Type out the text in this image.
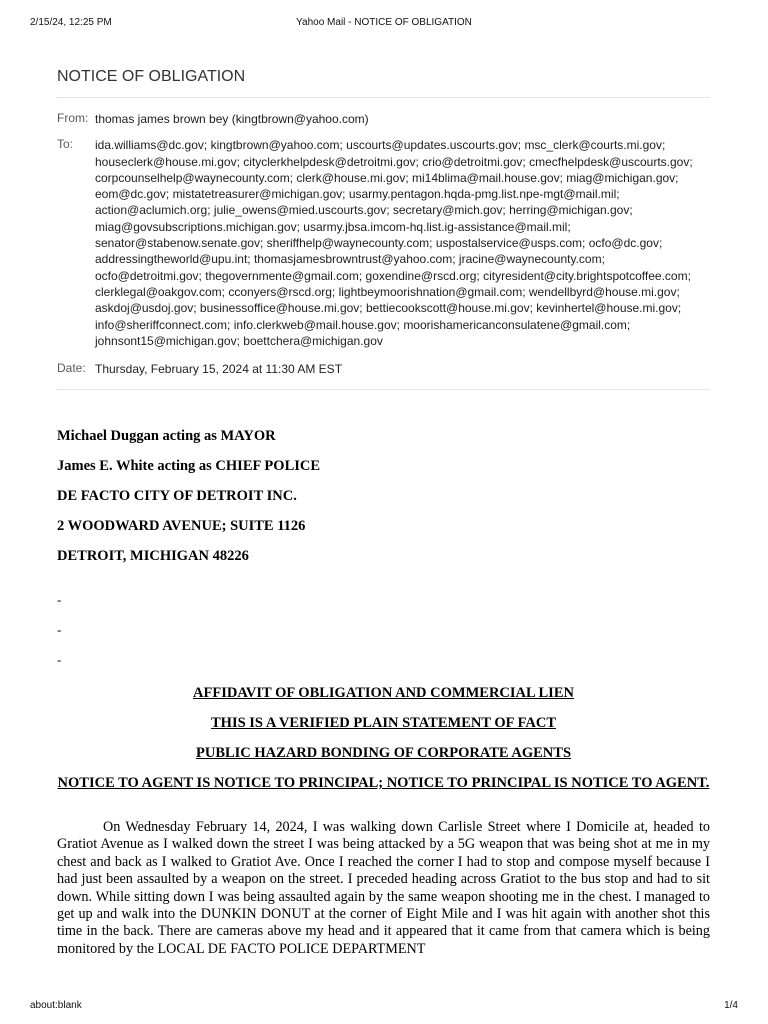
2/15/24, 12:25 PM	Yahoo Mail - NOTICE OF OBLIGATION
NOTICE OF OBLIGATION
From: thomas james brown bey (kingtbrown@yahoo.com)
To:	ida.williams@dc.gov; kingtbrown@yahoo.com; uscourts@updates.uscourts.gov; msc_clerk@courts.mi.gov; houseclerk@house.mi.gov; cityclerkhelpdesk@detroitmi.gov; crio@detroitmi.gov; cmecfhelpdesk@uscourts.gov; corpcounselhelp@waynecounty.com; clerk@house.mi.gov; mi14blima@mail.house.gov; miag@michigan.gov; eom@dc.gov; mistatetreasurer@michigan.gov; usarmy.pentagon.hqda-pmg.list.npe-mgt@mail.mil; action@aclumich.org; julie_owens@mied.uscourts.gov; secretary@mich.gov; herring@michigan.gov; miag@govsubscriptions.michigan.gov; usarmy.jbsa.imcom-hq.list.ig-assistance@mail.mil; senator@stabenow.senate.gov; sheriffhelp@waynecounty.com; uspostalservice@usps.com; ocfo@dc.gov; addressingtheworld@upu.int; thomasjamesbrowntrust@yahoo.com; jracine@waynecounty.com; ocfo@detroitmi.gov; thegovernmente@gmail.com; goxendine@rscd.org; cityresident@city.brightspotcoffee.com; clerklegal@oakgov.com; cconyers@rscd.org; lightbeymoorishnation@gmail.com; wendellbyrd@house.mi.gov; askdoj@usdoj.gov; businessoffice@house.mi.gov; bettiecookscott@house.mi.gov; kevinhertel@house.mi.gov; info@sheriffconnect.com; info.clerkweb@mail.house.gov; moorishamericanconsulatene@gmail.com; johnsont15@michigan.gov; boettchera@michigan.gov
Date: Thursday, February 15, 2024 at 11:30 AM EST

Michael Duggan acting as MAYOR

James E. White acting as CHIEF POLICE

DE FACTO CITY OF DETROIT INC.

2 WOODWARD AVENUE; SUITE 1126

DETROIT, MICHIGAN 48226

-

-

-

AFFIDAVIT OF OBLIGATION AND COMMERCIAL LIEN

THIS IS A VERIFIED PLAIN STATEMENT OF FACT

PUBLIC HAZARD BONDING OF CORPORATE AGENTS

NOTICE TO AGENT IS NOTICE TO PRINCIPAL; NOTICE TO PRINCIPAL IS NOTICE TO AGENT.

On Wednesday February 14, 2024, I was walking down Carlisle Street where I Domicile at, headed to Gratiot Avenue as I walked down the street I was being attacked by a 5G weapon that was being shot at me in my chest and back as I walked to Gratiot Ave. Once I reached the corner I had to stop and compose myself because I had just been assaulted by a weapon on the street. I preceded heading across Gratiot to the bus stop and had to sit down. While sitting down I was being assaulted again by the same weapon shooting me in the chest. I managed to get up and walk into the DUNKIN DONUT at the corner of Eight Mile and I was hit again with another shot this time in the back. There are cameras above my head and it appeared that it came from that camera which is being monitored by the LOCAL DE FACTO POLICE DEPARTMENT

about:blank	1/4
